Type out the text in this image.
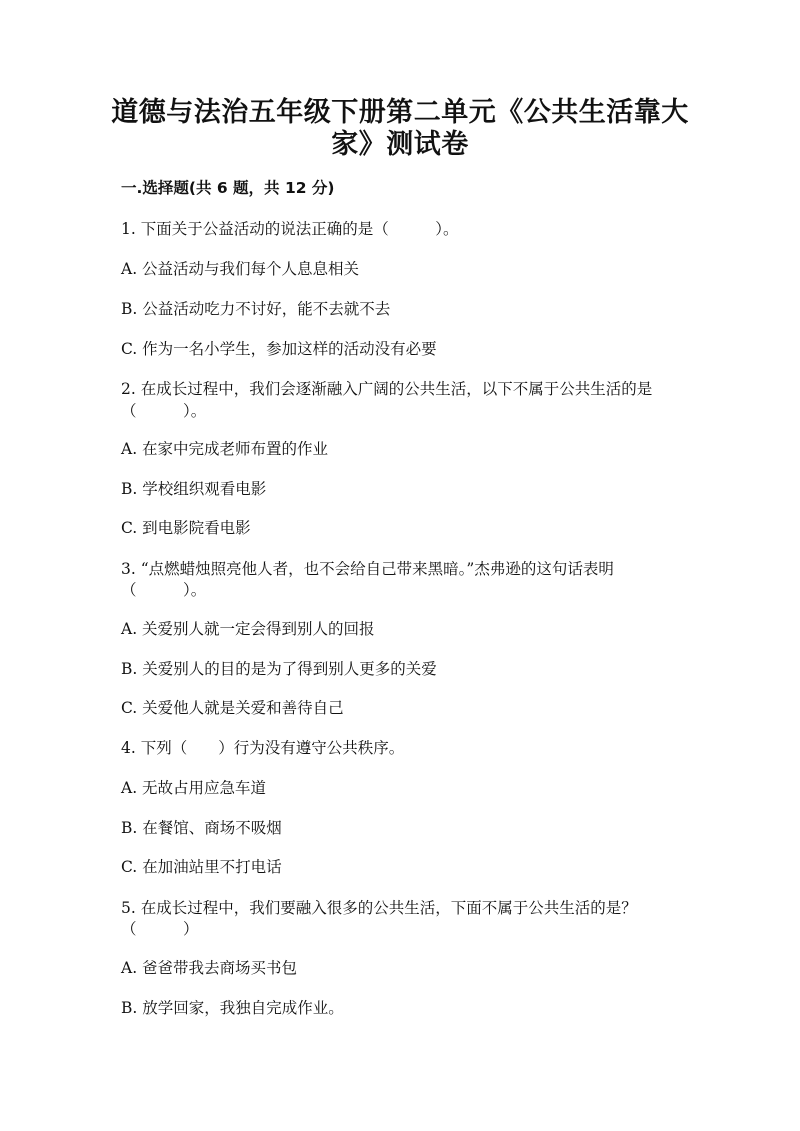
道德与法治五年级下册第二单元《公共生活靠大
家》测试卷
一.选择题(共 6 题，共 12 分)
1. 下面关于公益活动的说法正确的是（　　　）。
A. 公益活动与我们每个人息息相关
B. 公益活动吃力不讨好，能不去就不去
C. 作为一名小学生，参加这样的活动没有必要
2. 在成长过程中，我们会逐渐融入广阔的公共生活，以下不属于公共生活的是
（　　　）。
A. 在家中完成老师布置的作业
B. 学校组织观看电影
C. 到电影院看电影
3. “点燃蜡烛照亮他人者，也不会给自己带来黑暗。”杰弗逊的这句话表明
（　　　）。
A. 关爱别人就一定会得到别人的回报
B. 关爱别人的目的是为了得到别人更多的关爱
C. 关爱他人就是关爱和善待自己
4. 下列（　　）行为没有遵守公共秩序。
A. 无故占用应急车道
B. 在餐馆、商场不吸烟
C. 在加油站里不打电话
5. 在成长过程中，我们要融入很多的公共生活，下面不属于公共生活的是？
（　　　）
A. 爸爸带我去商场买书包
B. 放学回家，我独自完成作业。
